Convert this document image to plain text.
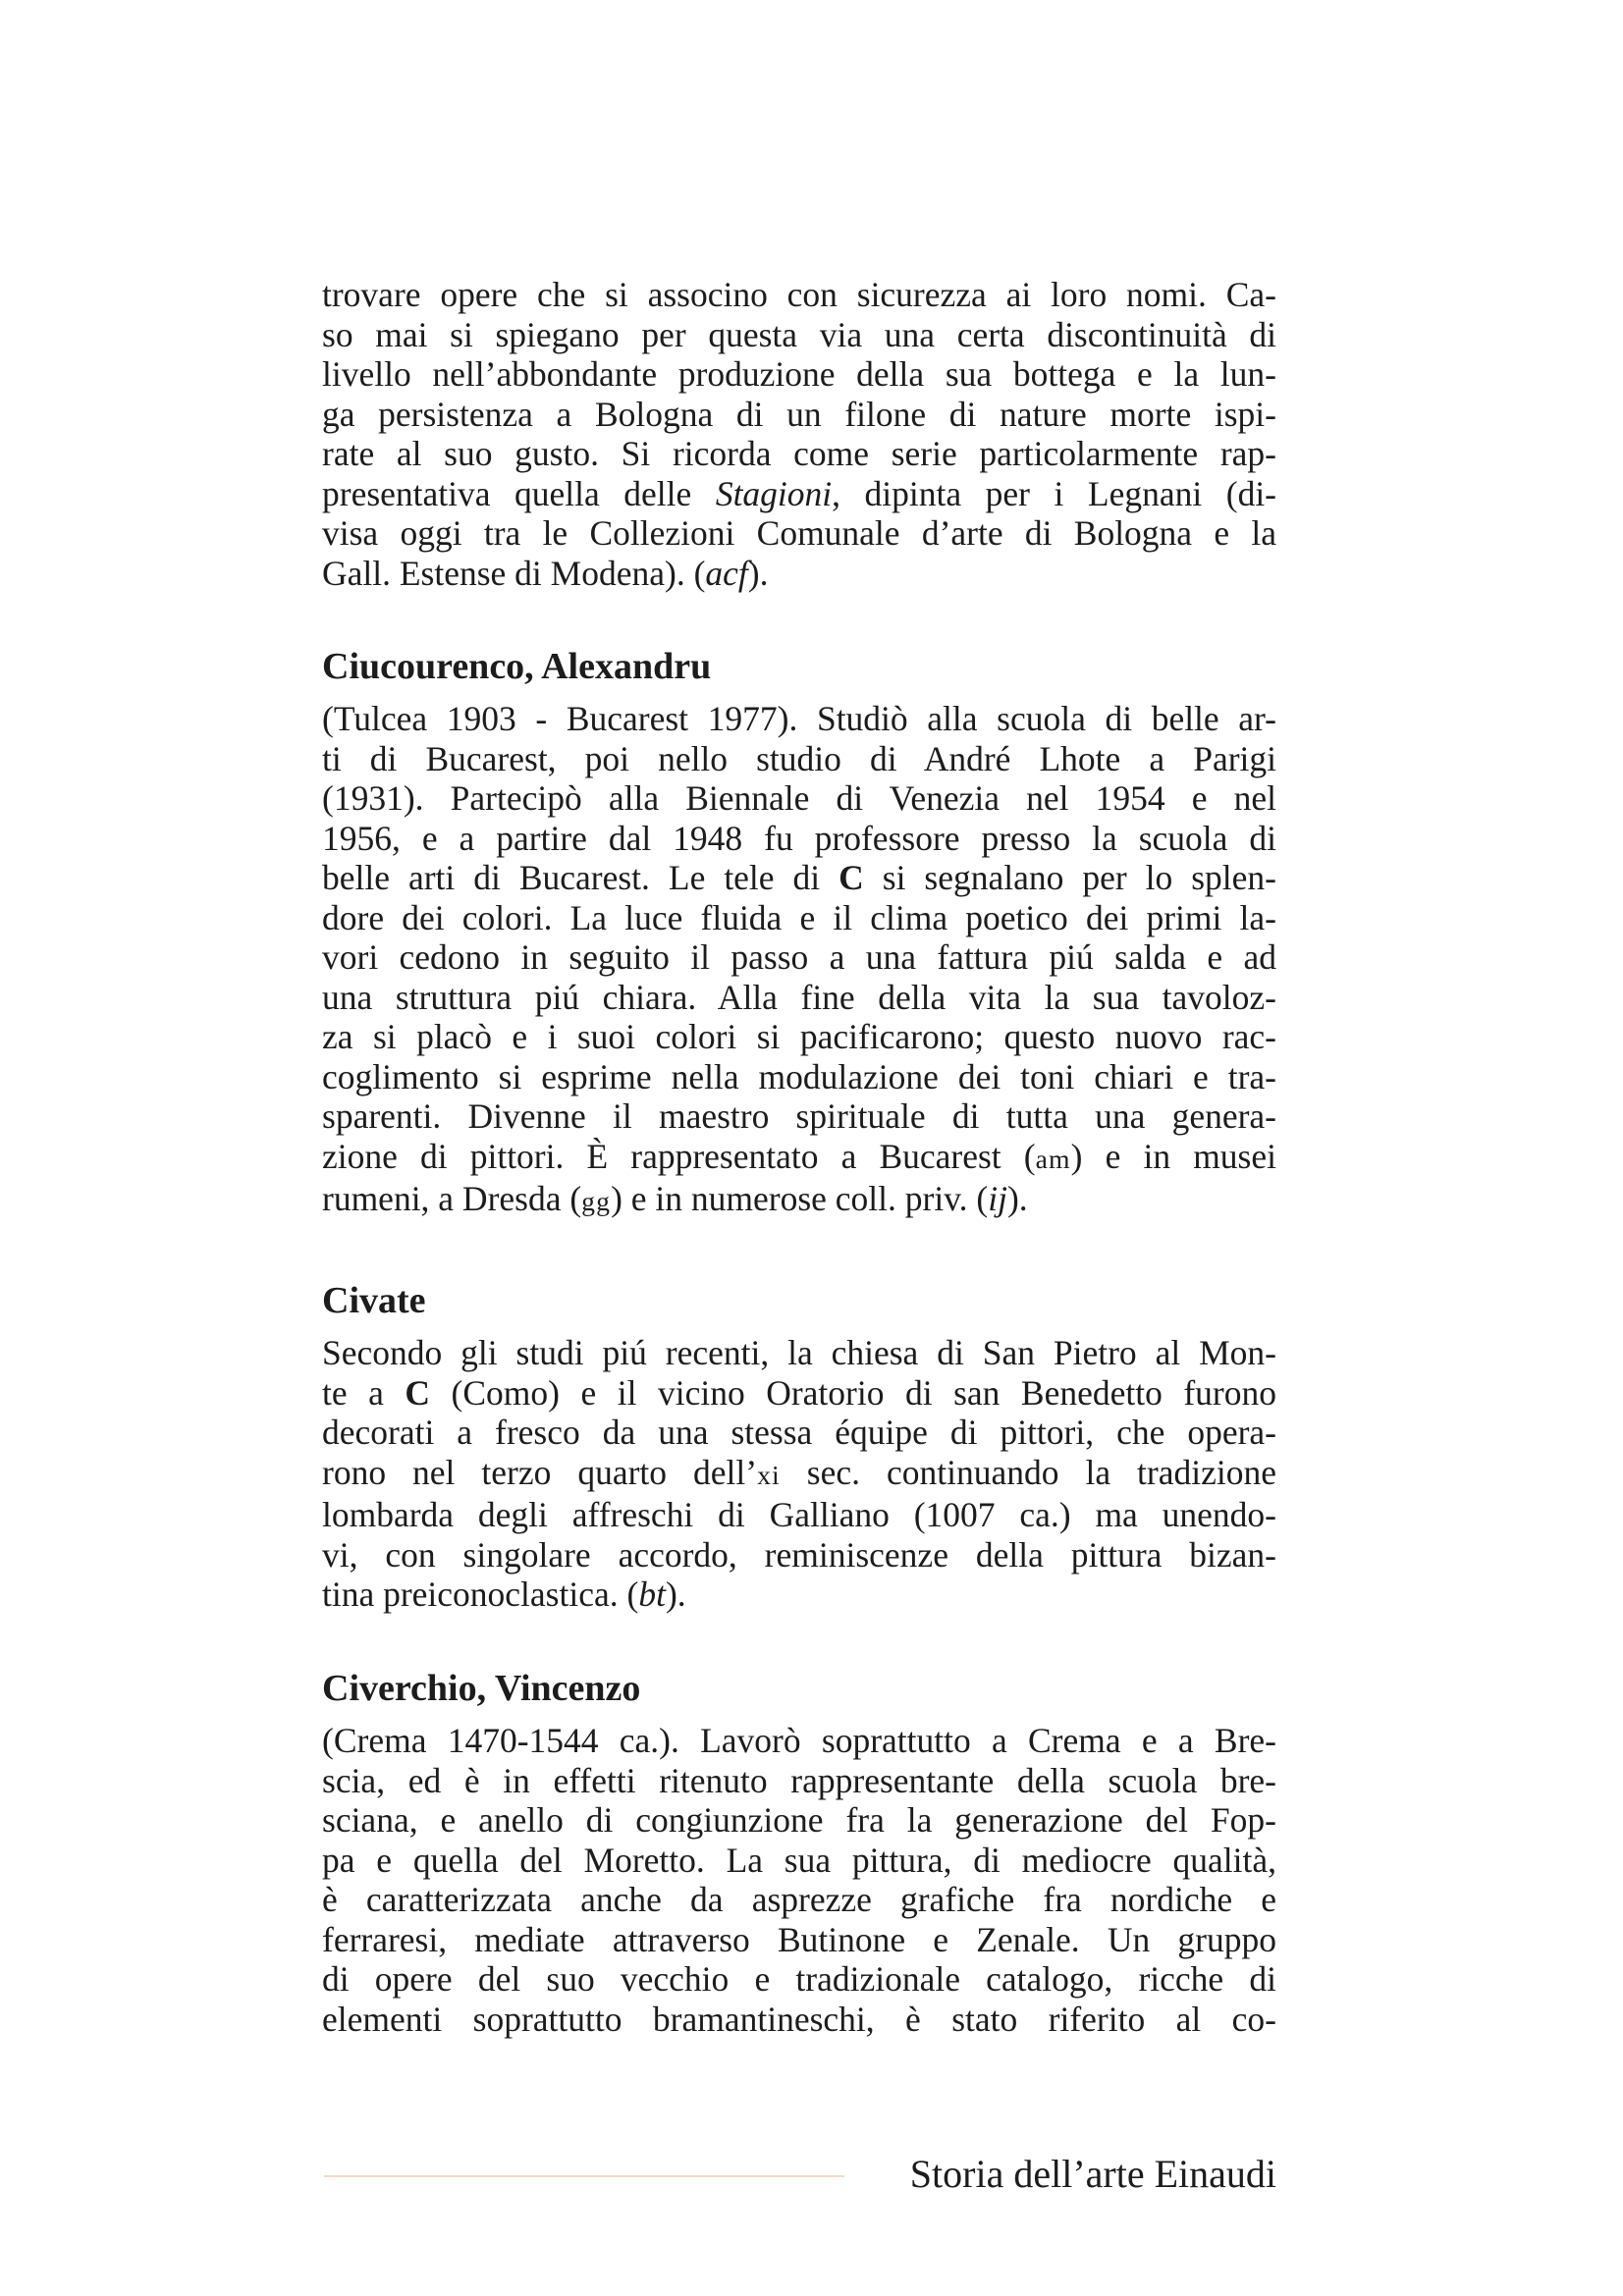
trovare opere che si associno con sicurezza ai loro nomi. Ca-
so mai si spiegano per questa via una certa discontinuità di
livello nell’abbondante produzione della sua bottega e la lun-
ga persistenza a Bologna di un filone di nature morte ispi-
rate al suo gusto. Si ricorda come serie particolarmente rap-
presentativa quella delle Stagioni, dipinta per i Legnani (di-
visa oggi tra le Collezioni Comunale d’arte di Bologna e la
Gall. Estense di Modena). (acf).
Ciucourenco, Alexandru
(Tulcea 1903 - Bucarest 1977). Studiò alla scuola di belle ar-
ti di Bucarest, poi nello studio di André Lhote a Parigi
(1931). Partecipò alla Biennale di Venezia nel 1954 e nel
1956, e a partire dal 1948 fu professore presso la scuola di
belle arti di Bucarest. Le tele di C si segnalano per lo splen-
dore dei colori. La luce fluida e il clima poetico dei primi la-
vori cedono in seguito il passo a una fattura piú salda e ad
una struttura piú chiara. Alla fine della vita la sua tavoloz-
za si placò e i suoi colori si pacificarono; questo nuovo rac-
coglimento si esprime nella modulazione dei toni chiari e tra-
sparenti. Divenne il maestro spirituale di tutta una genera-
zione di pittori. È rappresentato a Bucarest (am) e in musei
rumeni, a Dresda (gg) e in numerose coll. priv. (ij).
Civate
Secondo gli studi piú recenti, la chiesa di San Pietro al Mon-
te a C (Como) e il vicino Oratorio di san Benedetto furono
decorati a fresco da una stessa équipe di pittori, che opera-
rono nel terzo quarto dell’xi sec. continuando la tradizione
lombarda degli affreschi di Galliano (1007 ca.) ma unendo-
vi, con singolare accordo, reminiscenze della pittura bizan-
tina preiconoclastica. (bt).
Civerchio, Vincenzo
(Crema 1470-1544 ca.). Lavorò soprattutto a Crema e a Bre-
scia, ed è in effetti ritenuto rappresentante della scuola bre-
sciana, e anello di congiunzione fra la generazione del Fop-
pa e quella del Moretto. La sua pittura, di mediocre qualità,
è caratterizzata anche da asprezze grafiche fra nordiche e
ferraresi, mediate attraverso Butinone e Zenale. Un gruppo
di opere del suo vecchio e tradizionale catalogo, ricche di
elementi soprattutto bramantineschi, è stato riferito al co-
Storia dell’arte Einaudi
